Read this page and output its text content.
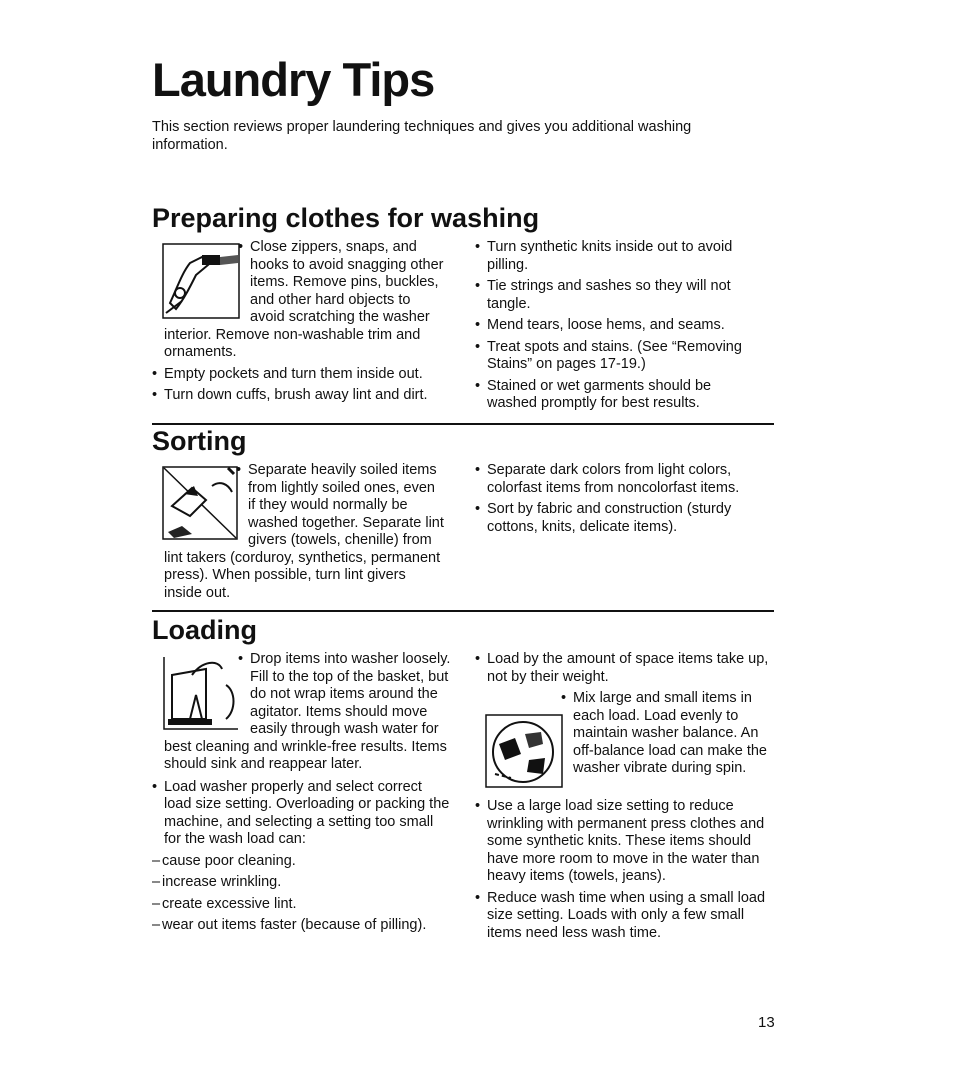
Laundry Tips

This section reviews proper laundering techniques and gives you additional washing information.

Preparing clothes for washing

• Close zippers, snaps, and hooks to avoid snagging other items. Remove pins, buckles, and other hard objects to avoid scratching the washer interior. Remove non-washable trim and ornaments.

• Empty pockets and turn them inside out.

• Turn down cuffs, brush away lint and dirt.

• Turn synthetic knits inside out to avoid pilling.

• Tie strings and sashes so they will not tangle.

• Mend tears, loose hems, and seams.

• Treat spots and stains. (See “Removing Stains” on pages 17-19.)

• Stained or wet garments should be washed promptly for best results.

Sorting

• Separate heavily soiled items from lightly soiled ones, even if they would normally be washed together. Separate lint givers (towels, chenille) from lint takers (corduroy, synthetics, permanent press). When possible, turn lint givers inside out.

• Separate dark colors from light colors, colorfast items from noncolorfast items.

• Sort by fabric and construction (sturdy cottons, knits, delicate items).

Loading

• Drop items into washer loosely. Fill to the top of the basket, but do not wrap items around the agitator. Items should move easily through wash water for best cleaning and wrinkle-free results. Items should sink and reappear later.

• Load washer properly and select correct load size setting. Overloading or packing the machine, and selecting a setting too small for the wash load can:

– cause poor cleaning.

– increase wrinkling.

– create excessive lint.

– wear out items faster (because of pilling).

• Load by the amount of space items take up, not by their weight.

• Mix large and small items in each load. Load evenly to maintain washer balance. An off-balance load can make the washer vibrate during spin.

• Use a large load size setting to reduce wrinkling with permanent press clothes and some synthetic knits. These items should have more room to move in the water than heavy items (towels, jeans).

• Reduce wash time when using a small load size setting. Loads with only a few small items need less wash time.

13
